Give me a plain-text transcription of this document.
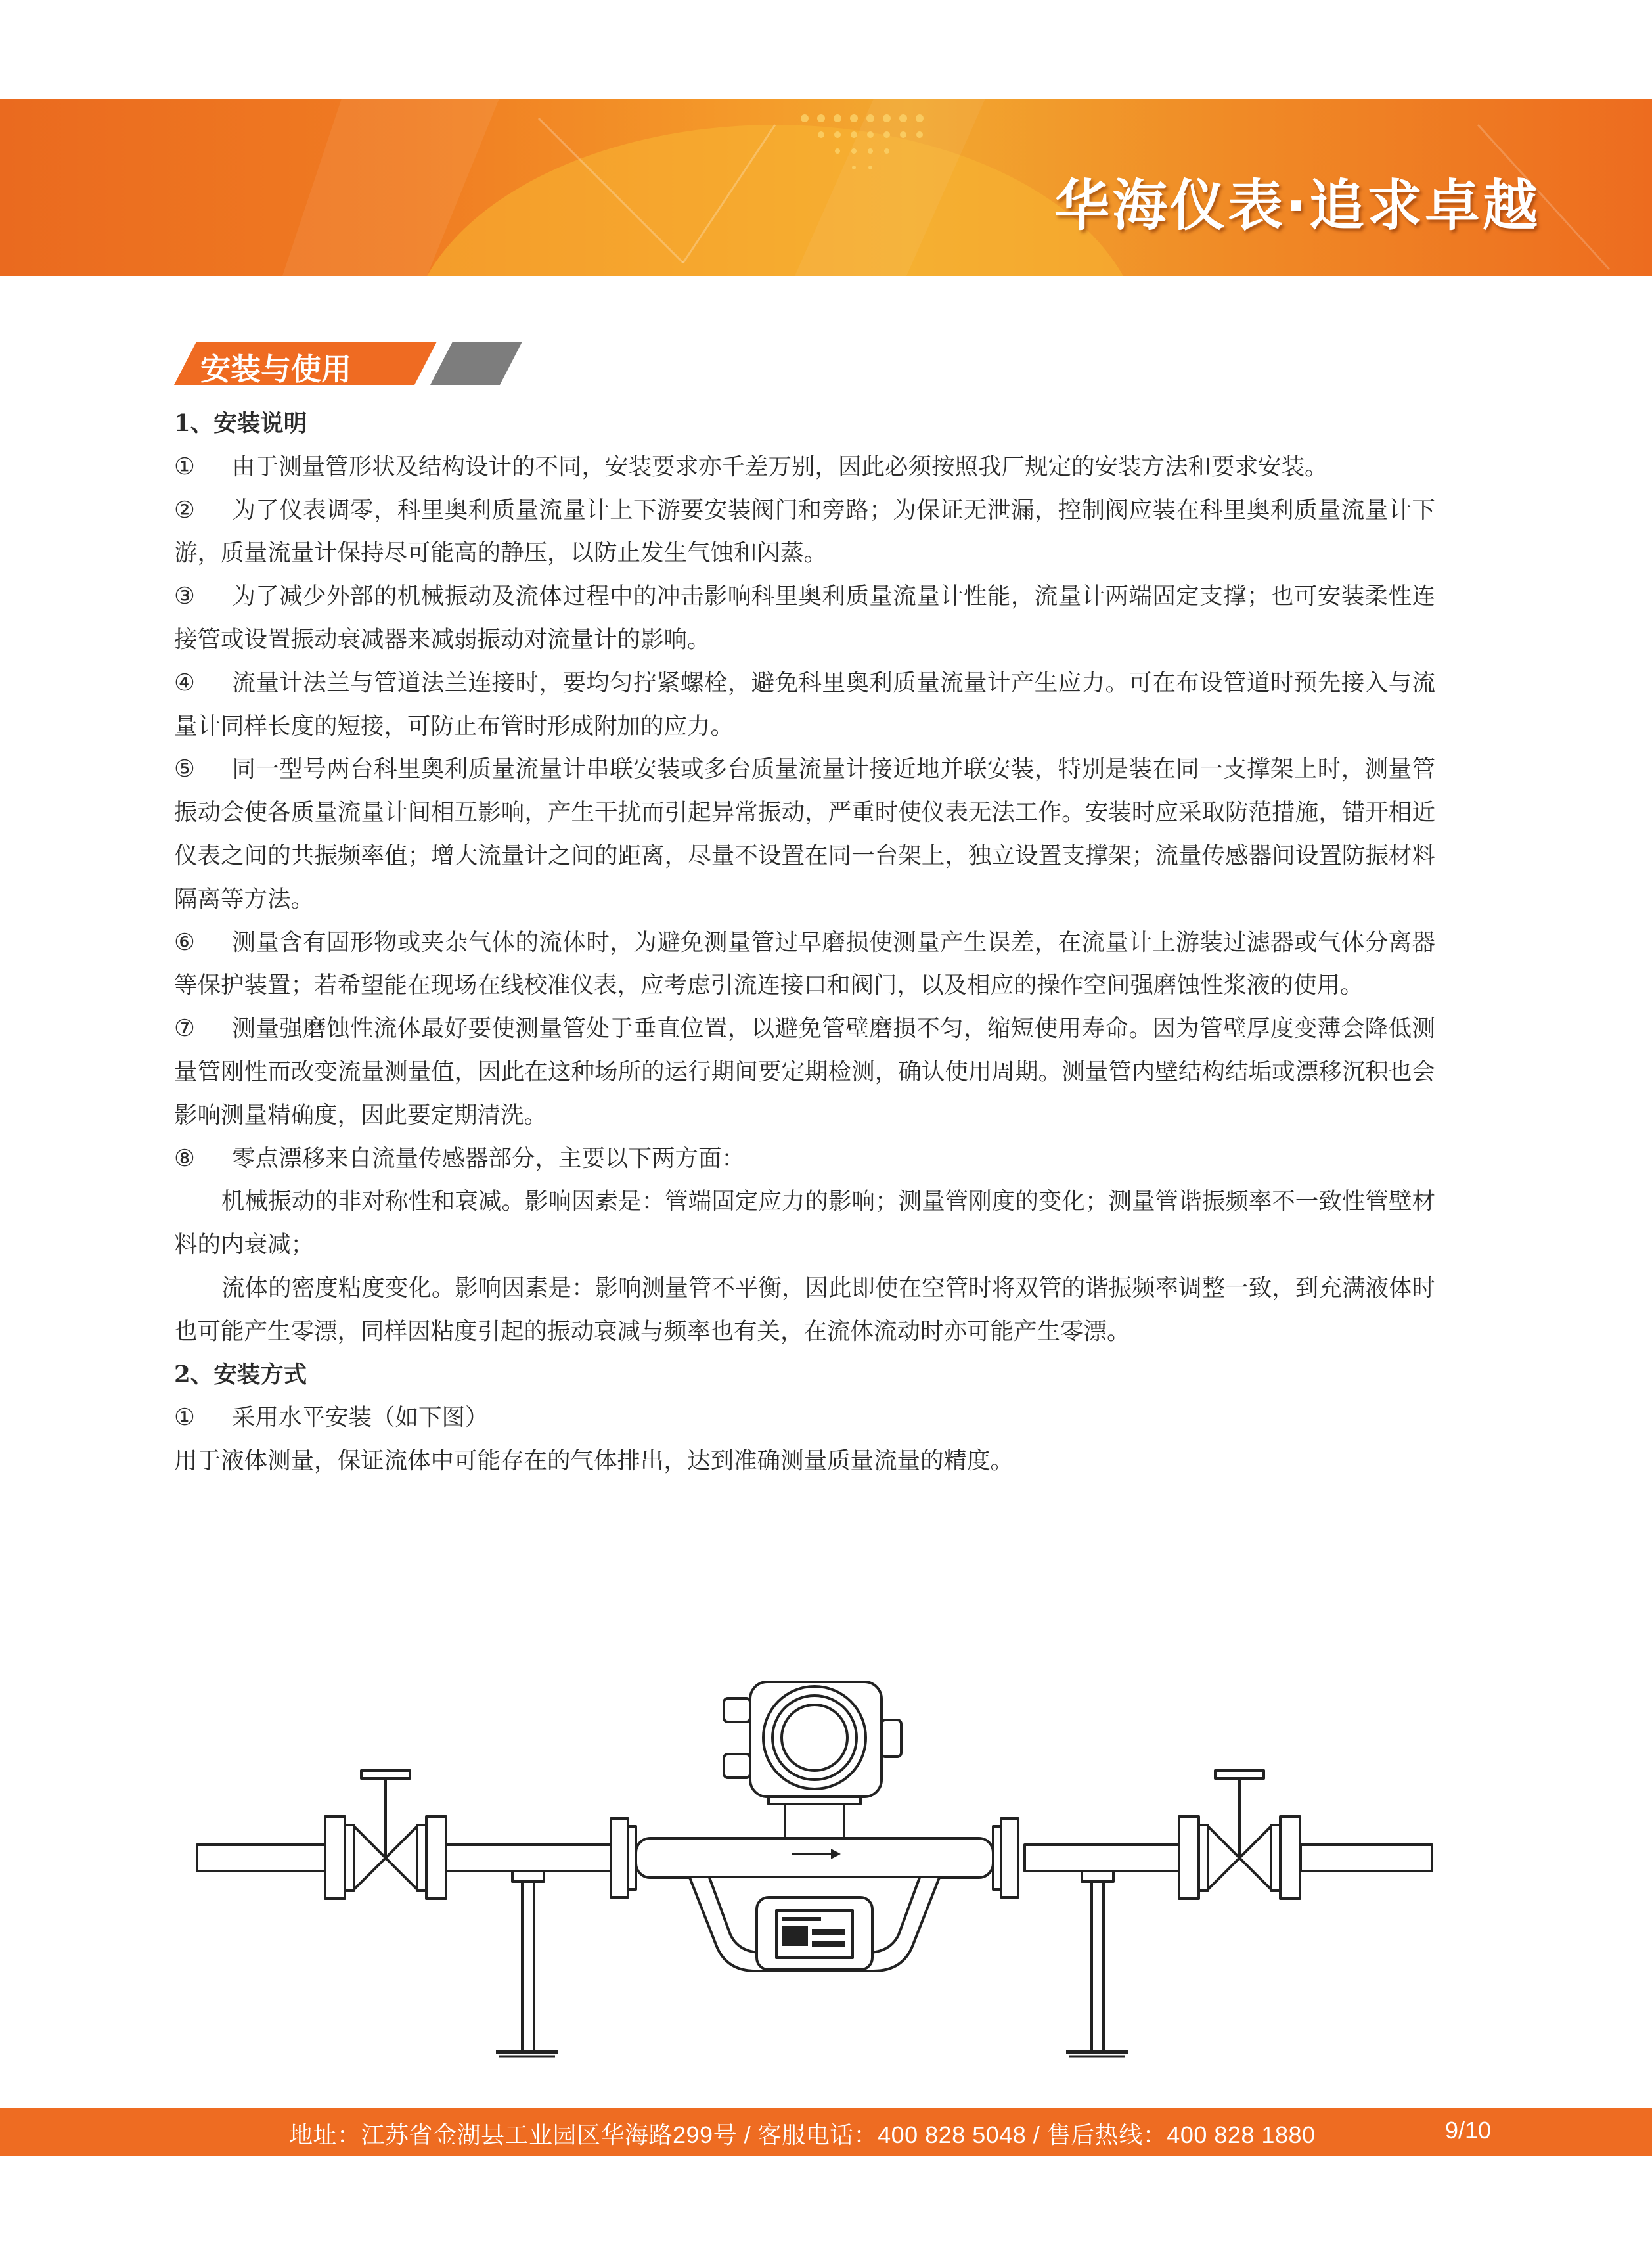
华海仪表·追求卓越
安装与使用

1、安装说明

① 由于测量管形状及结构设计的不同，安装要求亦千差万别，因此必须按照我厂规定的安装方法和要求安装。

② 为了仪表调零，科里奥利质量流量计上下游要安装阀门和旁路；为保证无泄漏，控制阀应装在科里奥利质量流量计下游，质量流量计保持尽可能高的静压，以防止发生气蚀和闪蒸。

③ 为了减少外部的机械振动及流体过程中的冲击影响科里奥利质量流量计性能，流量计两端固定支撑；也可安装柔性连接管或设置振动衰减器来减弱振动对流量计的影响。

④ 流量计法兰与管道法兰连接时，要均匀拧紧螺栓，避免科里奥利质量流量计产生应力。可在布设管道时预先接入与流量计同样长度的短接，可防止布管时形成附加的应力。

⑤ 同一型号两台科里奥利质量流量计串联安装或多台质量流量计接近地并联安装，特别是装在同一支撑架上时，测量管振动会使各质量流量计间相互影响，产生干扰而引起异常振动，严重时使仪表无法工作。安装时应采取防范措施，错开相近仪表之间的共振频率值；增大流量计之间的距离，尽量不设置在同一台架上，独立设置支撑架；流量传感器间设置防振材料隔离等方法。

⑥ 测量含有固形物或夹杂气体的流体时，为避免测量管过早磨损使测量产生误差，在流量计上游装过滤器或气体分离器等保护装置；若希望能在现场在线校准仪表，应考虑引流连接口和阀门，以及相应的操作空间强磨蚀性浆液的使用。

⑦ 测量强磨蚀性流体最好要使测量管处于垂直位置，以避免管壁磨损不匀，缩短使用寿命。因为管壁厚度变薄会降低测量管刚性而改变流量测量值，因此在这种场所的运行期间要定期检测，确认使用周期。测量管内壁结构结垢或漂移沉积也会影响测量精确度，因此要定期清洗。

⑧ 零点漂移来自流量传感器部分，主要以下两方面：

机械振动的非对称性和衰减。影响因素是：管端固定应力的影响；测量管刚度的变化；测量管谐振频率不一致性管壁材料的内衰减；

流体的密度粘度变化。影响因素是：影响测量管不平衡，因此即使在空管时将双管的谐振频率调整一致，到充满液体时也可能产生零漂，同样因粘度引起的振动衰减与频率也有关，在流体流动时亦可能产生零漂。

2、安装方式

① 采用水平安装（如下图）

用于液体测量，保证流体中可能存在的气体排出，达到准确测量质量流量的精度。

地址：江苏省金湖县工业园区华海路299号 / 客服电话：400 828 5048 / 售后热线：400 828 1880	9/10
